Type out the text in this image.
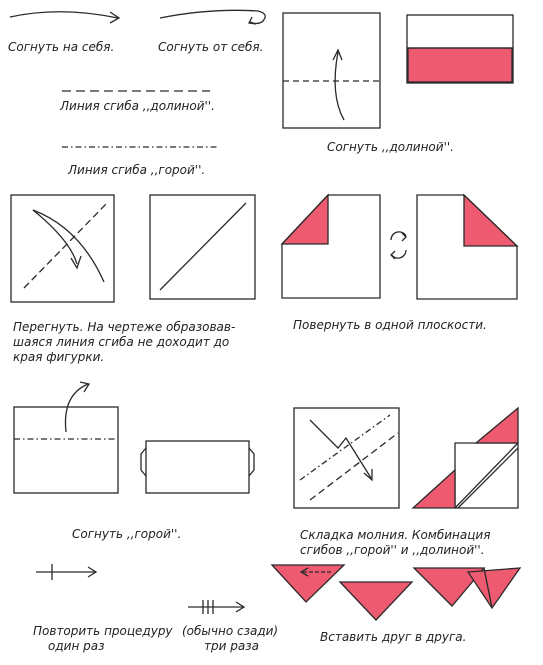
Согнуть на себя.	Согнуть от себя.
Линия сгиба ,,долиной''.
Линия сгиба ,,горой''.
Согнуть ,,долиной''.
Перегнуть. На чертеже образовав-
шаяся линия сгиба не доходит до
края фигурки.
Повернуть в одной плоскости.
Согнуть ,,горой''.	Складка молния. Комбинация
сгибов ,,горой'' и ,,долиной''.
Повторить процедуру
один раз
(обычно сзади)
три раза
Вставить друг в друга.
